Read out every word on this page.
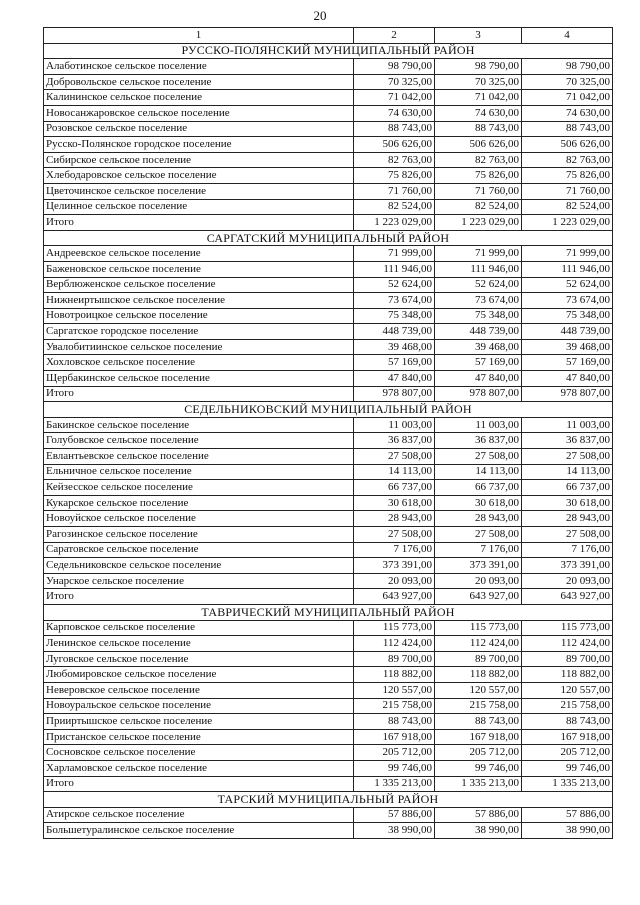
20
1	2	3	4
РУССКО-ПОЛЯНСКИЙ МУНИЦИПАЛЬНЫЙ РАЙОН			
Алаботинское сельское поселение	98 790,00	98 790,00	98 790,00
Добровольское сельское поселение	70 325,00	70 325,00	70 325,00
Калининское сельское поселение	71 042,00	71 042,00	71 042,00
Новосанжаровское сельское поселение	74 630,00	74 630,00	74 630,00
Розовское сельское поселение	88 743,00	88 743,00	88 743,00
Русско-Полянское городское поселение	506 626,00	506 626,00	506 626,00
Сибирское сельское поселение	82 763,00	82 763,00	82 763,00
Хлебодаровское сельское поселение	75 826,00	75 826,00	75 826,00
Цветочинское сельское поселение	71 760,00	71 760,00	71 760,00
Целинное сельское поселение	82 524,00	82 524,00	82 524,00
Итого	1 223 029,00	1 223 029,00	1 223 029,00
САРГАТСКИЙ МУНИЦИПАЛЬНЫЙ РАЙОН			
Андреевское сельское поселение	71 999,00	71 999,00	71 999,00
Баженовское сельское поселение	111 946,00	111 946,00	111 946,00
Верблюженское сельское поселение	52 624,00	52 624,00	52 624,00
Нижнеиртышское сельское поселение	73 674,00	73 674,00	73 674,00
Новотроицкое сельское поселение	75 348,00	75 348,00	75 348,00
Саргатское городское поселение	448 739,00	448 739,00	448 739,00
Увалобитиинское сельское поселение	39 468,00	39 468,00	39 468,00
Хохловское сельское поселение	57 169,00	57 169,00	57 169,00
Щербакинское сельское поселение	47 840,00	47 840,00	47 840,00
Итого	978 807,00	978 807,00	978 807,00
СЕДЕЛЬНИКОВСКИЙ МУНИЦИПАЛЬНЫЙ РАЙОН			
Бакинское сельское поселение	11 003,00	11 003,00	11 003,00
Голубовское сельское поселение	36 837,00	36 837,00	36 837,00
Евлантьевское сельское поселение	27 508,00	27 508,00	27 508,00
Ельничное сельское поселение	14 113,00	14 113,00	14 113,00
Кейзесское сельское поселение	66 737,00	66 737,00	66 737,00
Кукарское сельское поселение	30 618,00	30 618,00	30 618,00
Новоуйское сельское поселение	28 943,00	28 943,00	28 943,00
Рагозинское сельское поселение	27 508,00	27 508,00	27 508,00
Саратовское сельское поселение	7 176,00	7 176,00	7 176,00
Седельниковское сельское поселение	373 391,00	373 391,00	373 391,00
Унарское сельское поселение	20 093,00	20 093,00	20 093,00
Итого	643 927,00	643 927,00	643 927,00
ТАВРИЧЕСКИЙ МУНИЦИПАЛЬНЫЙ РАЙОН			
Карповское сельское поселение	115 773,00	115 773,00	115 773,00
Ленинское сельское поселение	112 424,00	112 424,00	112 424,00
Луговское сельское поселение	89 700,00	89 700,00	89 700,00
Любомировское сельское поселение	118 882,00	118 882,00	118 882,00
Неверовское сельское поселение	120 557,00	120 557,00	120 557,00
Новоуральское сельское поселение	215 758,00	215 758,00	215 758,00
Прииртышское сельское поселение	88 743,00	88 743,00	88 743,00
Пристанское сельское поселение	167 918,00	167 918,00	167 918,00
Сосновское сельское поселение	205 712,00	205 712,00	205 712,00
Харламовское сельское поселение	99 746,00	99 746,00	99 746,00
Итого	1 335 213,00	1 335 213,00	1 335 213,00
ТАРСКИЙ МУНИЦИПАЛЬНЫЙ РАЙОН			
Атирское сельское поселение	57 886,00	57 886,00	57 886,00
Большетуралинское сельское поселение	38 990,00	38 990,00	38 990,00
